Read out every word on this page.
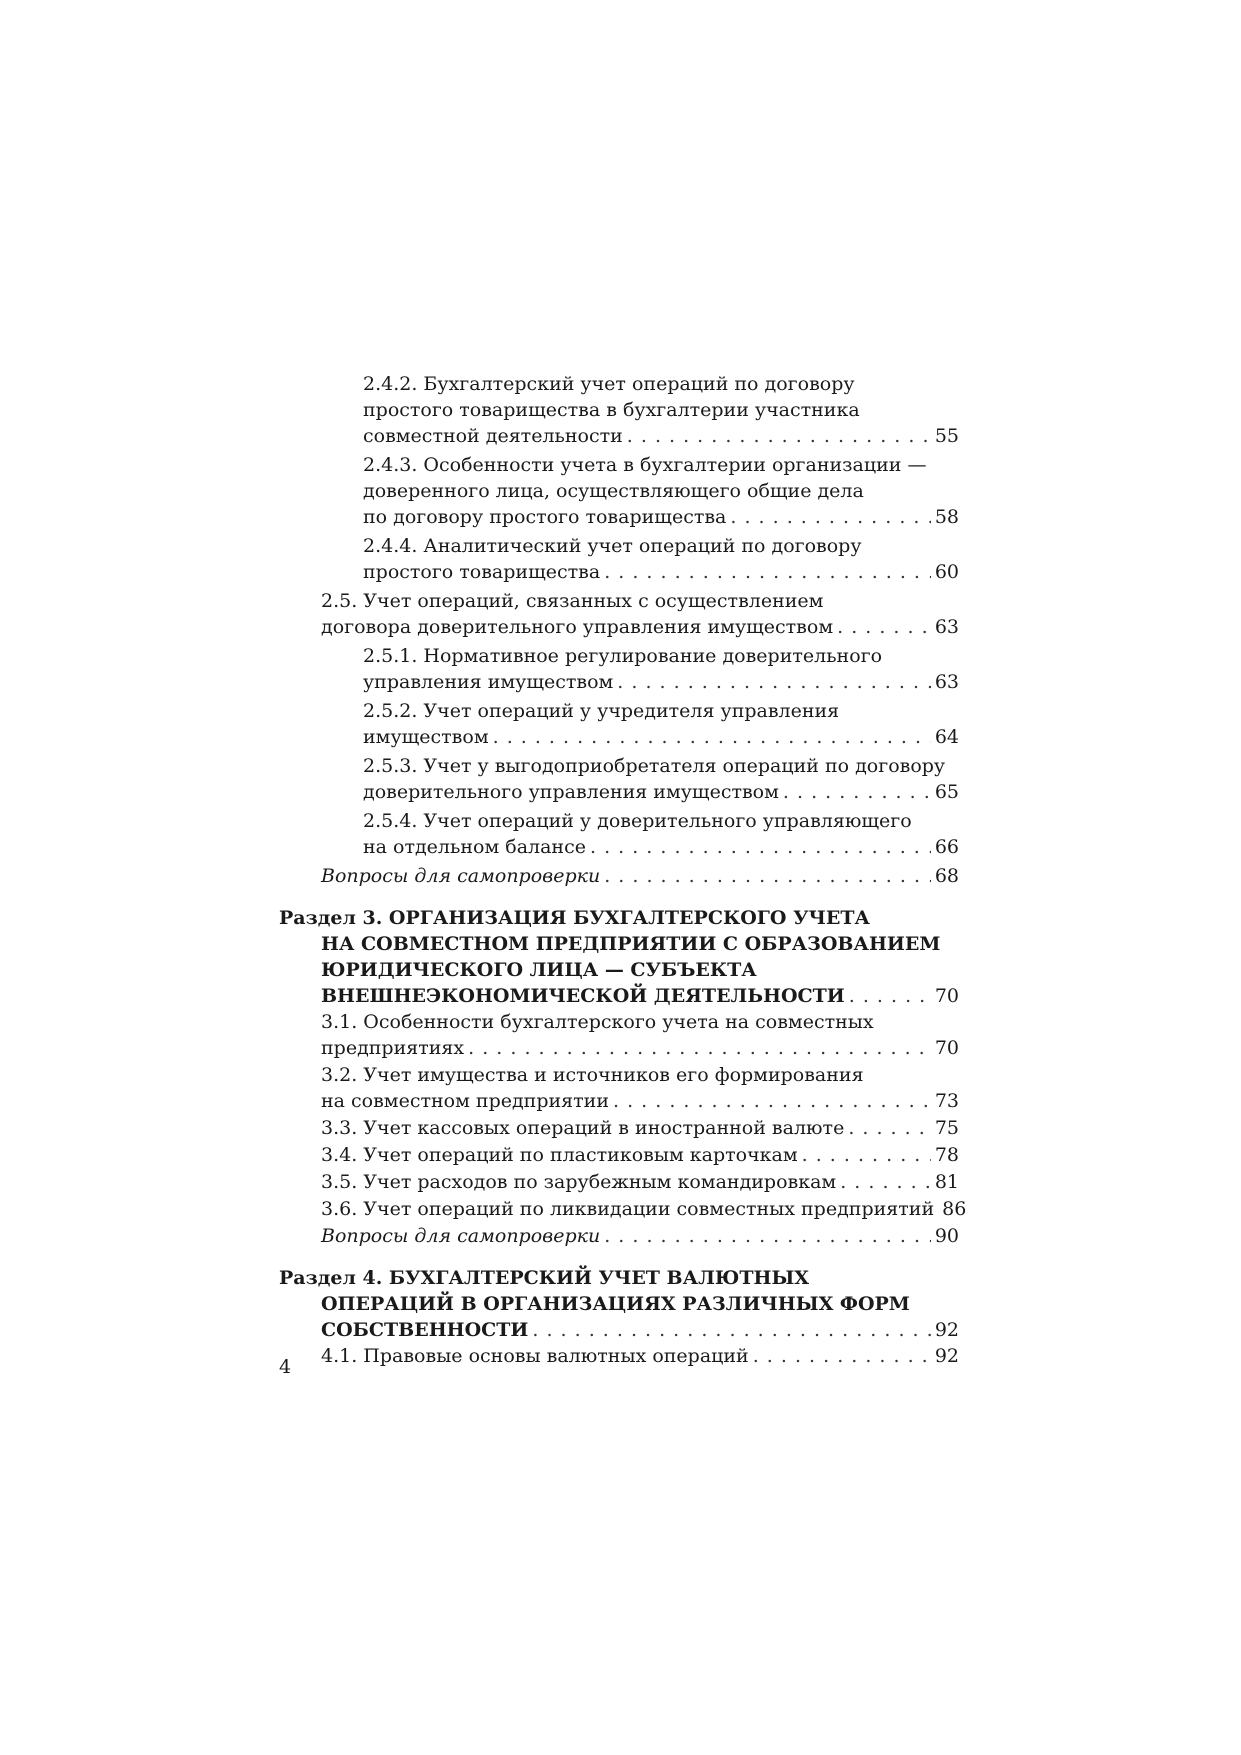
2.4.2. Бухгалтерский учет операций по договору
простого товарищества в бухгалтерии участника
совместной деятельности . . .	55
2.4.3. Особенности учета в бухгалтерии организации —
доверенного лица, осуществляющего общие дела
по договору простого товарищества . . .	58
2.4.4. Аналитический учет операций по договору
простого товарищества . . .	60
2.5. Учет операций, связанных с осуществлением
договора доверительного управления имуществом . . .	63
2.5.1. Нормативное регулирование доверительного
управления имуществом . . .	63
2.5.2. Учет операций у учредителя управления
имуществом . . .	64
2.5.3. Учет у выгодоприобретателя операций по договору
доверительного управления имуществом . . .	65
2.5.4. Учет операций у доверительного управляющего
на отдельном балансе . . .	66
Вопросы для самопроверки . . .	68
Раздел 3. ОРГАНИЗАЦИЯ БУХГАЛТЕРСКОГО УЧЕТА
НА СОВМЕСТНОМ ПРЕДПРИЯТИИ С ОБРАЗОВАНИЕМ
ЮРИДИЧЕСКОГО ЛИЦА — СУБЪЕКТА
ВНЕШНЕЭКОНОМИЧЕСКОЙ ДЕЯТЕЛЬНОСТИ . . .	70
3.1. Особенности бухгалтерского учета на совместных
предприятиях . . .	70
3.2. Учет имущества и источников его формирования
на совместном предприятии . . .	73
3.3. Учет кассовых операций в иностранной валюте . . .	75
3.4. Учет операций по пластиковым карточкам . . .	78
3.5. Учет расходов по зарубежным командировкам . . .	81
3.6. Учет операций по ликвидации совместных предприятий 86
Вопросы для самопроверки . . .	90
Раздел 4. БУХГАЛТЕРСКИЙ УЧЕТ ВАЛЮТНЫХ
ОПЕРАЦИЙ В ОРГАНИЗАЦИЯХ РАЗЛИЧНЫХ ФОРМ
СОБСТВЕННОСТИ . . .	92
4.1. Правовые основы валютных операций . . .	92
4
